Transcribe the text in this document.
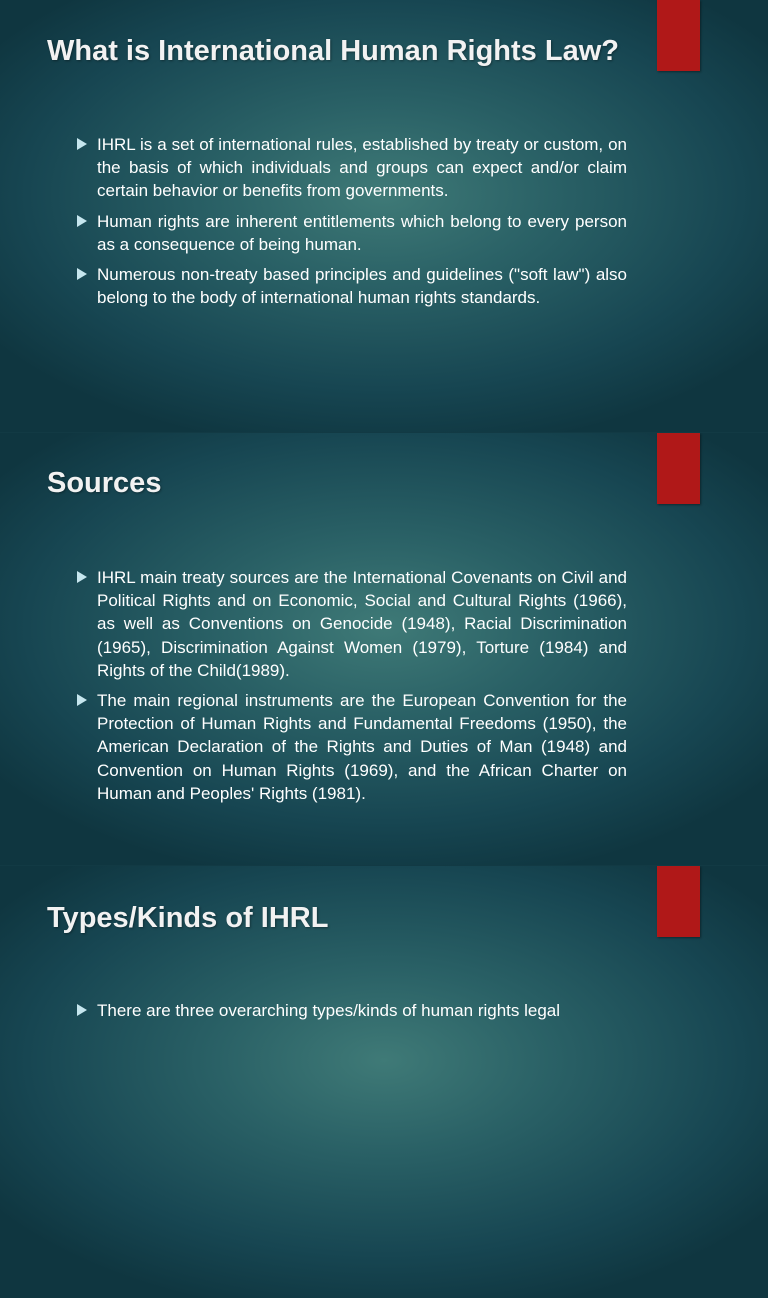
What is International Human Rights Law?
IHRL is a set of international rules, established by treaty or custom, on the basis of which individuals and groups can expect and/or claim certain behavior or benefits from governments.
Human rights are inherent entitlements which belong to every person as a consequence of being human.
Numerous non-treaty based principles and guidelines ("soft law") also belong to the body of international human rights standards.
Sources
IHRL main treaty sources are the International Covenants on Civil and Political Rights and on Economic, Social and Cultural Rights (1966), as well as Conventions on Genocide (1948), Racial Discrimination (1965), Discrimination Against Women (1979), Torture (1984) and Rights of the Child(1989).
The main regional instruments are the European Convention for the Protection of Human Rights and Fundamental Freedoms (1950), the American Declaration of the Rights and Duties of Man (1948) and Convention on Human Rights (1969), and the African Charter on Human and Peoples' Rights (1981).
Types/Kinds of IHRL
There are three overarching types/kinds of human rights legal
